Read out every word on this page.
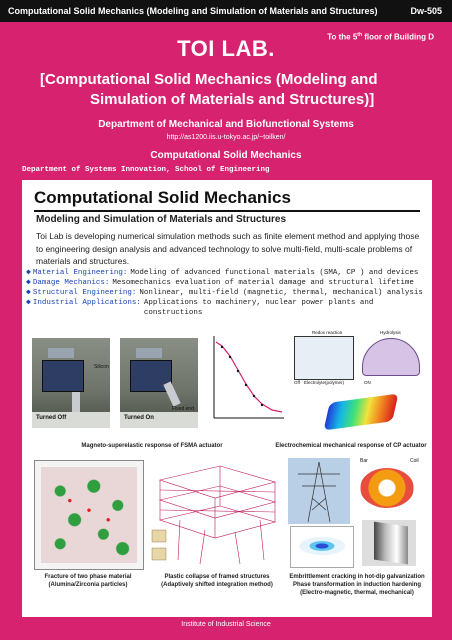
Computational Solid Mechanics (Modeling and Simulation of Materials and Structures)	Dw-505
To the 5th floor of Building D
TOI LAB.
[Computational Solid Mechanics (Modeling and
Simulation of Materials and Structures)]
Department of Mechanical and Biofunctional Systems
http://as1200.iis.u-tokyo.ac.jp/~toilken/
Computational Solid Mechanics
Department of Systems Innovation, School of Engineering
Computational Solid Mechanics
Modeling and Simulation of Materials and Structures
Toi Lab is developing numerical simulation methods such as finite element method and applying those to engineering design analysis and advanced technology to solve multi-field, multi-scale problems of materials and structures.
◆ Material Engineering: Modeling of advanced functional materials (SMA, CP ) and devices
◆ Damage Mechanics: Mesomechanics evaluation of material damage and structural lifetime
◆ Structural Engineering: Nonlinear, multi-field (magnetic, thermal, mechanical) analysis
◆ Industrial Applications: Applications to machinery, nuclear power plants and constructions
Turned Off	Turned On
Silicon
Fixed end
Redox reaction	Hydrolysis
Off Electrolyte(polymer)	ON
Magneto-superelastic response of FSMA actuator	Electrochemical mechanical response of CP actuator
Fracture of two phase material
(Alumina/Zirconia particles)
Plastic collapse of framed structures
(Adaptively shifted integration method)
Bar	Coil
Embrittlement cracking in hot-dip galvanization
Phase transformation in induction hardening
(Electro-magnetic, thermal, mechanical)
Institute of Industrial Science
